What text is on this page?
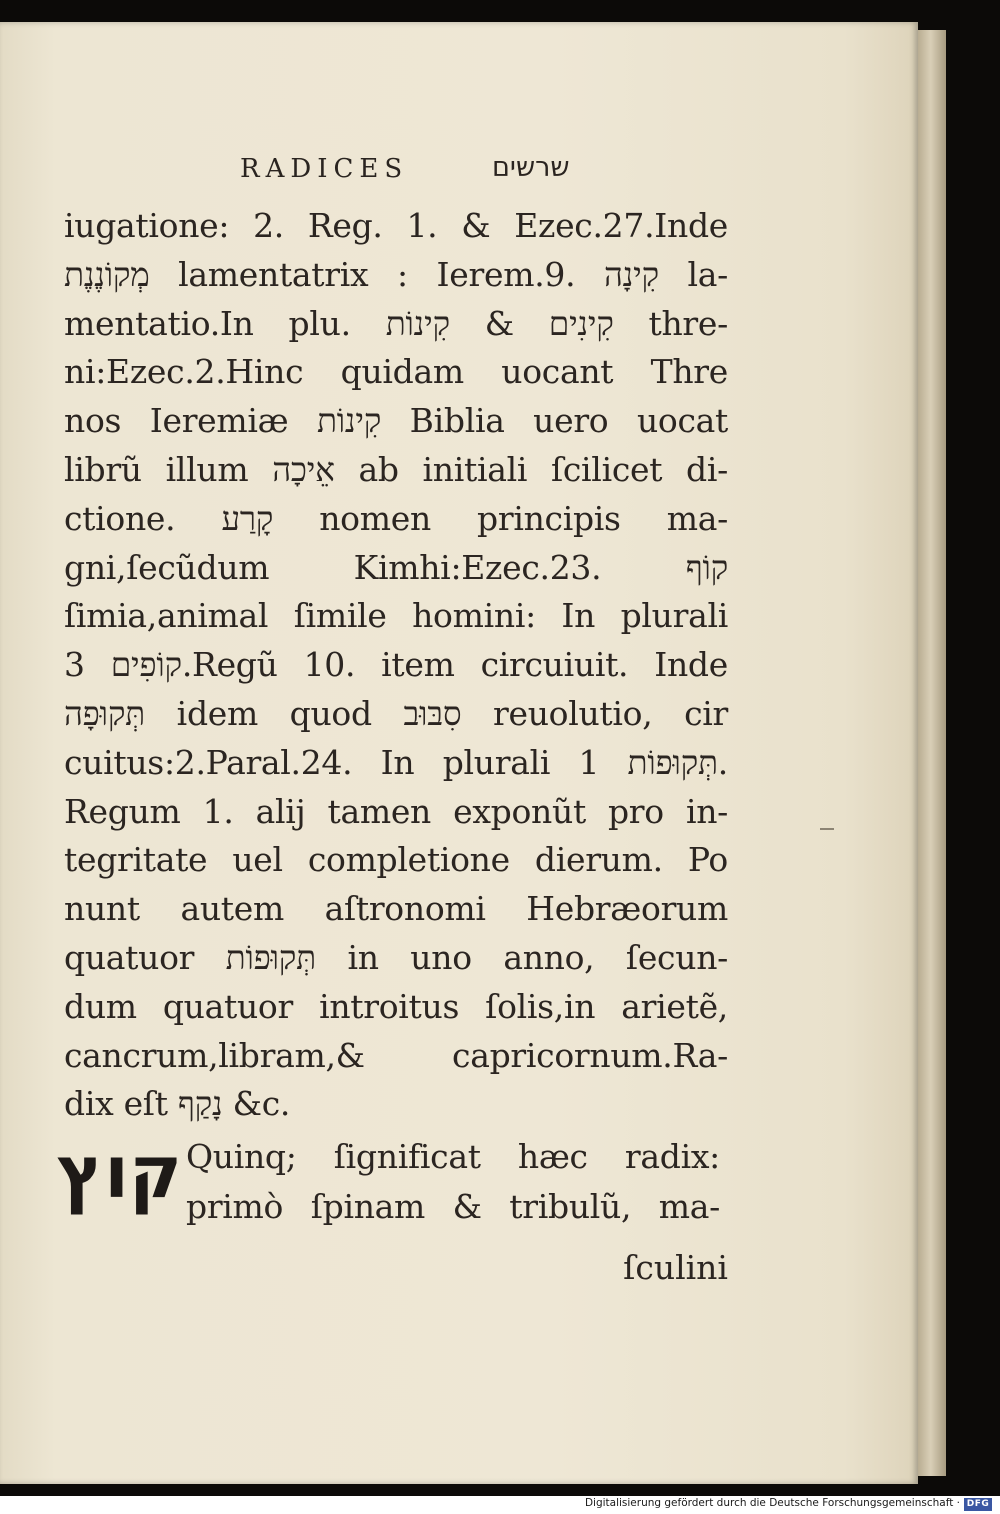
RADICES	שרשים
iugatione: 2. Reg. 1. & Ezec.27.Inde
מְקוֹנֶנֶת lamentatrix : Ierem.9. קִינָה la-
mentatio.In plu. קִינִים & קִינוֹת thre-
ni:Ezec.2.Hinc quidam uocant Thre
nos Ieremiæ קִינוֹת Biblia uero uocat
librũ illum אֵיכָה ab initiali ſcilicet di-
ctione. קָרַע nomen principis ma-
gni,ſecũdum Kimhi:Ezec.23. קוֹף
ſimia,animal ſimile homini: In plurali
קוֹפִים 3.Regũ 10. item circuiuit. Inde
תְּקוּפָה idem quod סִבּוּב reuolutio, cir
cuitus:2.Paral.24. In plurali תְּקוּפוֹת 1.
Regum 1. alij tamen exponũt pro in-
tegritate uel completione dierum. Po
nunt autem aſtronomi Hebræorum
quatuor תְּקוּפוֹת in uno anno, ſecun-
dum quatuor introitus ſolis,in arietẽ,
cancrum,libram,& capricornum.Ra-
dix eſt נָקַף &c.
קוץ Quinq; ſignificat hæc radix:
primò ſpinam & tribulũ, ma-
ſculini
Digitalisierung gefördert durch die Deutsche Forschungsgemeinschaft · DFG
